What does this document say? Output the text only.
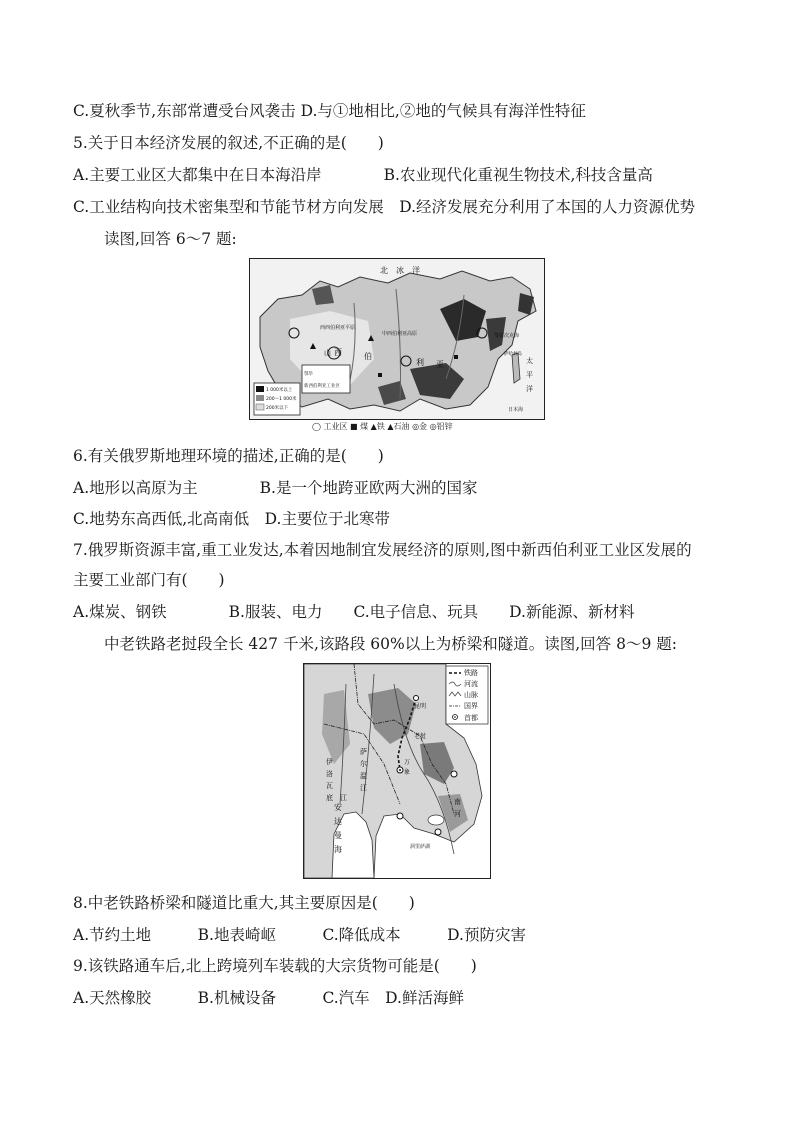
C.夏秋季节,东部常遭受台风袭击 D.与①地相比,②地的气候具有海洋性特征
5.关于日本经济发展的叙述,不正确的是(　　)
A.主要工业区大都集中在日本海沿岸　　　　B.农业现代化重视生物技术,科技含量高
C.工业结构向技术密集型和节能节材方向发展　D.经济发展充分利用了本国的人力资源优势
读图,回答 6～7 题:
北　冰　洋
西	伯
利 亚
中西伯利亚高原
西西伯利亚平原
鄂霍次克海
萨哈林岛
太
平
洋
日本海
山
鄂毕
新西伯利亚工业区
1 000米以上
200～1 000米
200米以下
◯ 工业区 ■ 煤 ▲铁 ▲石油 ◎金 ◎铝锌
6.有关俄罗斯地理环境的描述,正确的是(　　)
A.地形以高原为主　　　　B.是一个地跨亚欧两大洲的国家
C.地势东高西低,北高南低　D.主要位于北寒带
7.俄罗斯资源丰富,重工业发达,本着因地制宜发展经济的原则,图中新西伯利亚工业区发展的
主要工业部门有(　　)
A.煤炭、钢铁　　　　B.服装、电力　　C.电子信息、玩具　　D.新能源、新材料
中老铁路老挝段全长 427 千米,该路段 60%以上为桥梁和隧道。读图,回答 8～9 题:
昆明
老挝
安
达
曼
海	洞里萨湖
南
河
伊
洛
瓦
底 江
萨
尔
温
江
万
象
铁路
河流
山脉
国界
首都
8.中老铁路桥梁和隧道比重大,其主要原因是(　　)
A.节约土地　　　B.地表崎岖　　　C.降低成本　　　D.预防灾害
9.该铁路通车后,北上跨境列车装载的大宗货物可能是(　　)
A.天然橡胶　　　B.机械设备　　　C.汽车　D.鲜活海鲜
